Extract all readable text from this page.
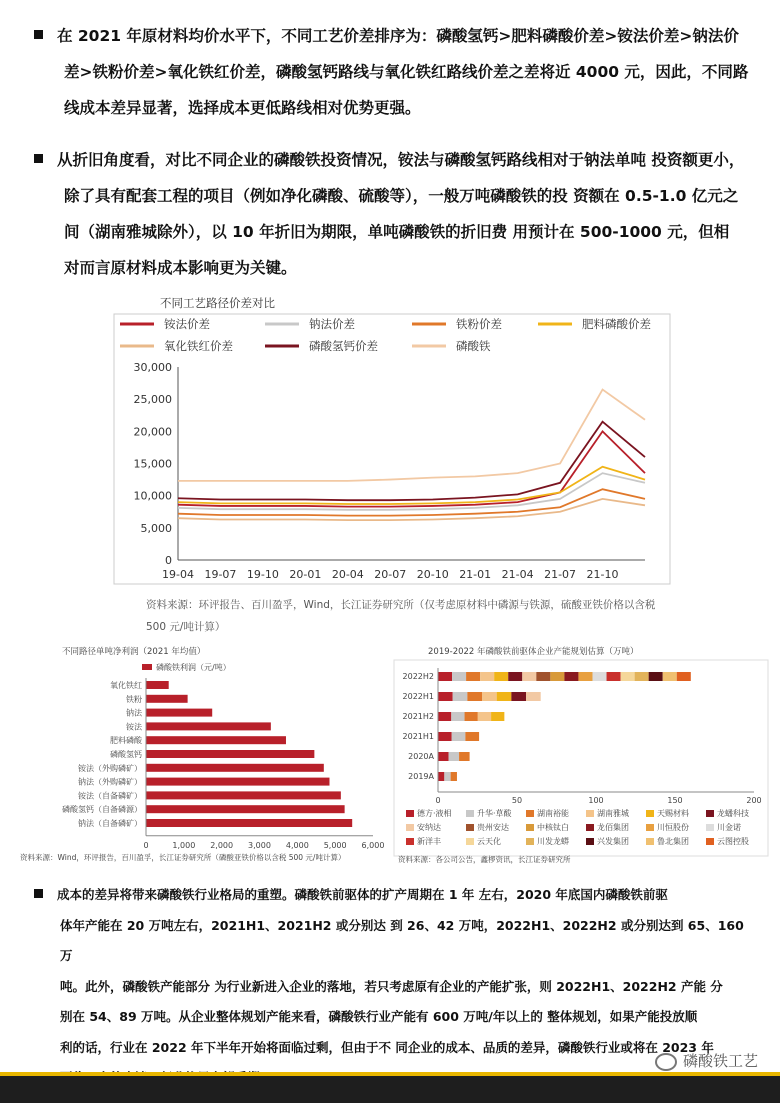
在 2021 年原材料均价水平下，不同工艺价差排序为：磷酸氢钙>肥料磷酸价差>铵法价差>钠法价
差>铁粉价差>氧化铁红价差，磷酸氢钙路线与氧化铁红路线价差之差将近 4000 元，因此，不同路
线成本差异显著，选择成本更低路线相对优势更强。
从折旧角度看，对比不同企业的磷酸铁投资情况，铵法与磷酸氢钙路线相对于钠法单吨 投资额更小，
除了具有配套工程的项目（例如净化磷酸、硫酸等），一般万吨磷酸铁的投 资额在 0.5-1.0 亿元之
间（湖南雅城除外），以 10 年折旧为期限，单吨磷酸铁的折旧费 用预计在 500-1000 元，但相
对而言原材料成本影响更为关键。
不同工艺路径价差对比
铵法价差	钠法价差	铁粉价差	肥料磷酸价差
氧化铁红价差	磷酸氢钙价差	磷酸铁
30,000
25,000
20,000
15,000
10,000
5,000
0
19-04 19-07 19-10 20-01 20-04 20-07 20-10 21-01 21-04 21-07 21-10
资料来源：环评报告、百川盈孚，Wind，长江证券研究所（仅考虑原材料中磷源与铁源，硫酸亚铁价格以含税
500 元/吨计算）
不同路径单吨净利润（2021 年均值）
磷酸铁利润（元/吨）
氧化铁红
铁粉
钠法
铵法
肥料磷酸
磷酸氢钙
铵法（外购磷矿）
钠法（外购磷矿）
铵法（自备磷矿）
磷酸氢钙（自备磷源）
钠法（自备磷矿）
0	1,000 2,000 3,000 4,000 5,000 6,000
资料来源：Wind，环评报告，百川盈孚，长江证券研究所（磷酸亚铁价格以含税 500 元/吨计算）
2019-2022 年磷酸铁前驱体企业产能规划估算（万吨）
2022H2
2022H1
2021H2
2021H1
2020A
2019A
0	50	100	150	200
德方·液相	升华·草酸	湖南裕能	湖南雅城	天赐材料	龙蟠科技
安纳达	贵州安达	中核钛白	龙佰集团	川恒股份	川金诺
新洋丰	云天化	川发龙蟒	兴发集团	鲁北集团	云图控股
资料来源：各公司公告，鑫椤资讯，长江证券研究所
成本的差异将带来磷酸铁行业格局的重塑。磷酸铁前驱体的扩产周期在 1 年 左右，2020 年底国内磷酸铁前驱
体年产能在 20 万吨左右，2021H1、2021H2 或分别达 到 26、42 万吨，2022H1、2022H2 或分别达到 65、160 万
吨。此外，磷酸铁产能部分 为行业新进入企业的落地，若只考虑原有企业的产能扩张，则 2022H1、2022H2 产能 分
别在 54、89 万吨。从企业整体规划产能来看，磷酸铁行业产能有 600 万吨/年以上的 整体规划，如果产能投放顺
利的话，行业在 2022 年下半年开始将面临过剩，但由于不 同企业的成本、品质的差异，磷酸铁行业或将在 2023 年
磷酸铁工艺
